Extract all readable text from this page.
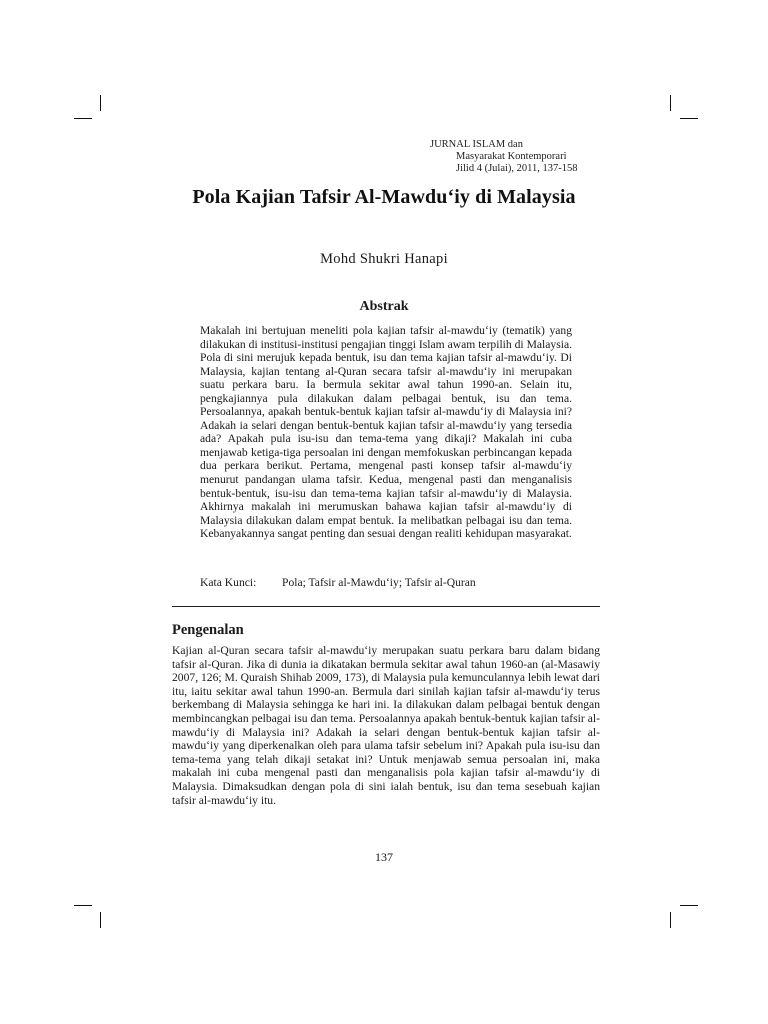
JURNAL ISLAM dan
Masyarakat Kontemporari
Jilid 4 (Julai), 2011, 137-158
Pola Kajian Tafsir Al-Mawdu‘iy di Malaysia
Mohd Shukri Hanapi
Abstrak

Makalah ini bertujuan meneliti pola kajian tafsir al-mawdu‘iy (tematik) yang dilakukan di institusi-institusi pengajian tinggi Islam awam terpilih di Malaysia. Pola di sini merujuk kepada bentuk, isu dan tema kajian tafsir al-mawdu‘iy. Di Malaysia, kajian tentang al-Quran secara tafsir al-mawdu‘iy ini merupakan suatu perkara baru. Ia bermula sekitar awal tahun 1990-an. Selain itu, pengkajiannya pula dilakukan dalam pelbagai bentuk, isu dan tema. Persoalannya, apakah bentuk-bentuk kajian tafsir al-mawdu‘iy di Malaysia ini? Adakah ia selari dengan bentuk-bentuk kajian tafsir al-mawdu‘iy yang tersedia ada? Apakah pula isu-isu dan tema-tema yang dikaji? Makalah ini cuba menjawab ketiga-tiga persoalan ini dengan memfokuskan perbincangan kepada dua perkara berikut. Pertama, mengenal pasti konsep tafsir al-mawdu‘iy menurut pandangan ulama tafsir. Kedua, mengenal pasti dan menganalisis bentuk-bentuk, isu-isu dan tema-tema kajian tafsir al-mawdu‘iy di Malaysia. Akhirnya makalah ini merumuskan bahawa kajian tafsir al-mawdu‘iy di Malaysia dilakukan dalam empat bentuk. Ia melibatkan pelbagai isu dan tema. Kebanyakannya sangat penting dan sesuai dengan realiti kehidupan masyarakat.

Kata Kunci: Pola; Tafsir al-Mawdu‘iy; Tafsir al-Quran
Pengenalan

Kajian al-Quran secara tafsir al-mawdu‘iy merupakan suatu perkara baru dalam bidang tafsir al-Quran. Jika di dunia ia dikatakan bermula sekitar awal tahun 1960-an (al-Masawiy 2007, 126; M. Quraish Shihab 2009, 173), di Malaysia pula kemunculannya lebih lewat dari itu, iaitu sekitar awal tahun 1990-an. Bermula dari sinilah kajian tafsir al-mawdu‘iy terus berkembang di Malaysia sehingga ke hari ini. Ia dilakukan dalam pelbagai bentuk dengan membincangkan pelbagai isu dan tema. Persoalannya apakah bentuk-bentuk kajian tafsir al-mawdu‘iy di Malaysia ini? Adakah ia selari dengan bentuk-bentuk kajian tafsir al-mawdu‘iy yang diperkenalkan oleh para ulama tafsir sebelum ini? Apakah pula isu-isu dan tema-tema yang telah dikaji setakat ini? Untuk menjawab semua persoalan ini, maka makalah ini cuba mengenal pasti dan menganalisis pola kajian tafsir al-mawdu‘iy di Malaysia. Dimaksudkan dengan pola di sini ialah bentuk, isu dan tema sesebuah kajian tafsir al-mawdu‘iy itu.

137
